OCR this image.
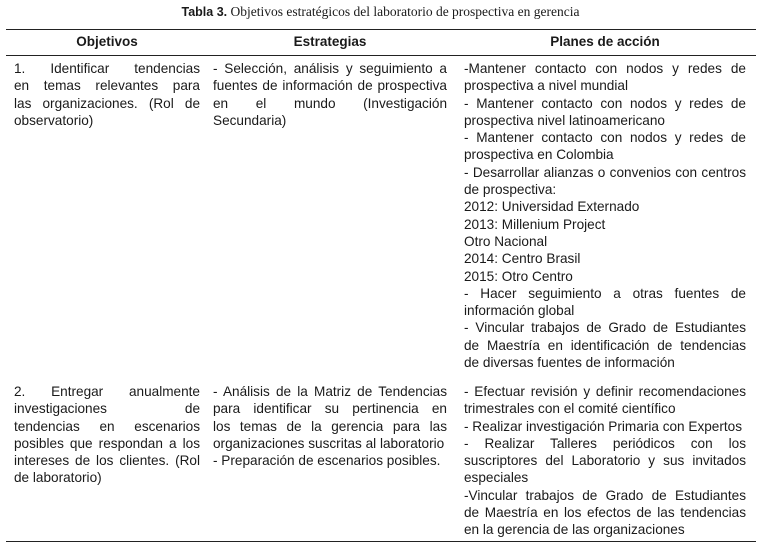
Tabla 3. Objetivos estratégicos del laboratorio de prospectiva en gerencia
Objetivos	Estrategias	Planes de acción
1. Identificar tendencias
en temas relevantes para
las organizaciones. (Rol de
observatorio)
- Selección, análisis y seguimiento a
fuentes de información de prospectiva
en el mundo (Investigación
Secundaria)
-Mantener contacto con nodos y redes de
prospectiva a nivel mundial
- Mantener contacto con nodos y redes de
prospectiva nivel latinoamericano
- Mantener contacto con nodos y redes de
prospectiva en Colombia
- Desarrollar alianzas o convenios con centros
de prospectiva:
2012: Universidad Externado
2013: Millenium Project
Otro Nacional
2014: Centro Brasil
2015: Otro Centro
- Hacer seguimiento a otras fuentes de
información global
- Vincular trabajos de Grado de Estudiantes
de Maestría en identificación de tendencias
de diversas fuentes de información
2. Entregar anualmente
investigaciones de
tendencias en escenarios
posibles que respondan a los
intereses de los clientes. (Rol
de laboratorio)
- Análisis de la Matriz de Tendencias
para identificar su pertinencia en
los temas de la gerencia para las
organizaciones suscritas al laboratorio
- Preparación de escenarios posibles.
- Efectuar revisión y definir recomendaciones
trimestrales con el comité científico
- Realizar investigación Primaria con Expertos
- Realizar Talleres periódicos con los
suscriptores del Laboratorio y sus invitados
especiales
-Vincular trabajos de Grado de Estudiantes
de Maestría en los efectos de las tendencias
en la gerencia de las organizaciones
